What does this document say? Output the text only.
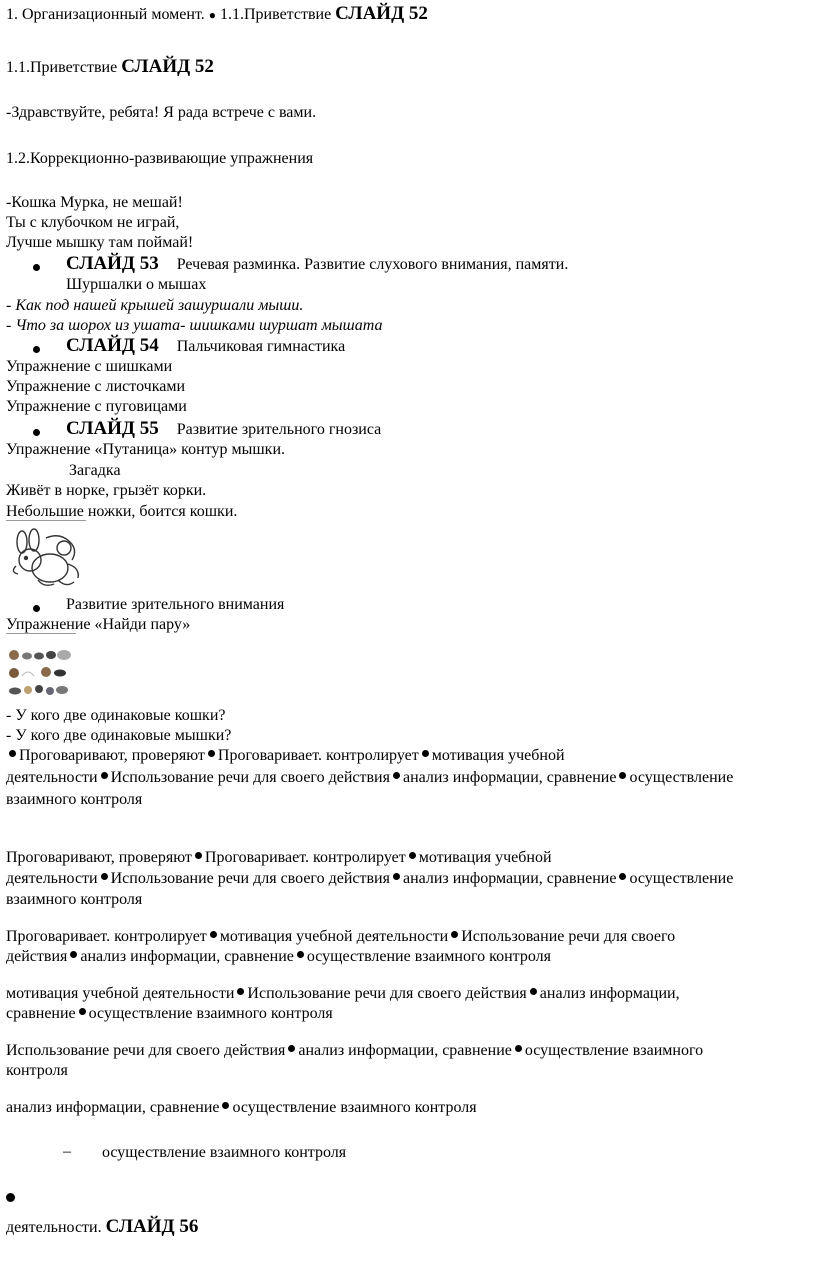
1. Организационный момент. ● 1.1.Приветствие СЛАЙД 52
1.1.Приветствие СЛАЙД 52
-Здравствуйте, ребята! Я рада встрече с вами.
1.2.Коррекционно-развивающие упражнения
-Кошка Мурка, не мешай!
Ты с клубочком не играй,
Лучше мышку там поймай!
СЛАЙД 53 Речевая разминка. Развитие слухового внимания, памяти.
Шуршалки о мышах
- Как под нашей крышей зашуршали мыши.
- Что за шорох из ушата- шишками шуршат мышата
СЛАЙД 54 Пальчиковая гимнастика
Упражнение с шишками
Упражнение с листочками
Упражнение с пуговицами
СЛАЙД 55 Развитие зрительного гнозиса
Упражнение «Путаница» контур мышки.
Загадка
Живёт в норке, грызёт корки.
Небольшие ножки, боится кошки.
Развитие зрительного внимания
Упражнение «Найди пару»
- У кого две одинаковые кошки?
- У кого две одинаковые мышки?
Проговаривают, проверяют Проговаривает. контролирует мотивация учебной
деятельности Использование речи для своего действия анализ информации, сравнение осуществление
взаимного контроля
Проговаривают, проверяют Проговаривает. контролирует мотивация учебной
деятельности Использование речи для своего действия анализ информации, сравнение осуществление
взаимного контроля
Проговаривает. контролирует мотивация учебной деятельности Использование речи для своего
действия анализ информации, сравнение осуществление взаимного контроля
мотивация учебной деятельности Использование речи для своего действия анализ информации,
сравнение осуществление взаимного контроля
Использование речи для своего действия анализ информации, сравнение осуществление взаимного
контроля
анализ информации, сравнение осуществление взаимного контроля
– осуществление взаимного контроля
деятельности. СЛАЙД 56
